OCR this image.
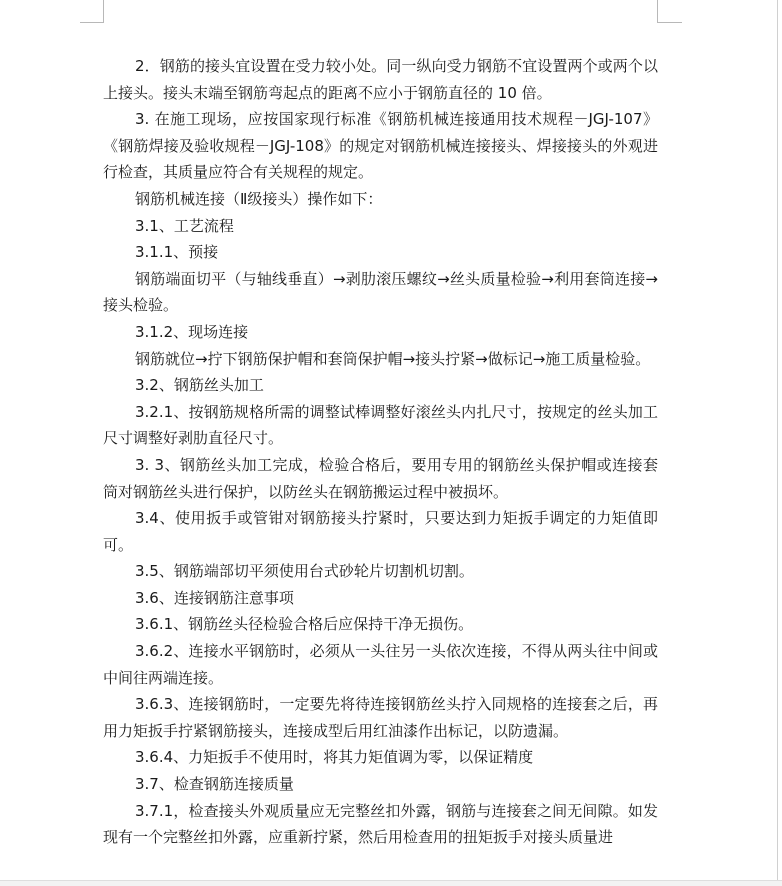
2．钢筋的接头宜设置在受力较小处。同一纵向受力钢筋不宜设置两个或两个以上接头。接头末端至钢筋弯起点的距离不应小于钢筋直径的 10 倍。

3. 在施工现场，应按国家现行标准《钢筋机械连接通用技术规程－JGJ-107》《钢筋焊接及验收规程－JGJ-108》的规定对钢筋机械连接接头、焊接接头的外观进行检查，其质量应符合有关规程的规定。

钢筋机械连接（Ⅱ级接头）操作如下：

3.1、工艺流程

3.1.1、预接

钢筋端面切平（与轴线垂直）→剥肋滚压螺纹→丝头质量检验→利用套筒连接→接头检验。

3.1.2、现场连接

钢筋就位→拧下钢筋保护帽和套筒保护帽→接头拧紧→做标记→施工质量检验。

3.2、钢筋丝头加工

3.2.1、按钢筋规格所需的调整试棒调整好滚丝头内扎尺寸，按规定的丝头加工尺寸调整好剥肋直径尺寸。

3. 3、钢筋丝头加工完成，检验合格后，要用专用的钢筋丝头保护帽或连接套筒对钢筋丝头进行保护，以防丝头在钢筋搬运过程中被损坏。

3.4、使用扳手或管钳对钢筋接头拧紧时，只要达到力矩扳手调定的力矩值即可。

3.5、钢筋端部切平须使用台式砂轮片切割机切割。

3.6、连接钢筋注意事项

3.6.1、钢筋丝头径检验合格后应保持干净无损伤。

3.6.2、连接水平钢筋时，必须从一头往另一头依次连接，不得从两头往中间或中间往两端连接。

3.6.3、连接钢筋时，一定要先将待连接钢筋丝头拧入同规格的连接套之后，再用力矩扳手拧紧钢筋接头，连接成型后用红油漆作出标记，以防遗漏。

3.6.4、力矩扳手不使用时，将其力矩值调为零，以保证精度

3.7、检查钢筋连接质量

3.7.1，检查接头外观质量应无完整丝扣外露，钢筋与连接套之间无间隙。如发现有一个完整丝扣外露，应重新拧紧，然后用检查用的扭矩扳手对接头质量进
